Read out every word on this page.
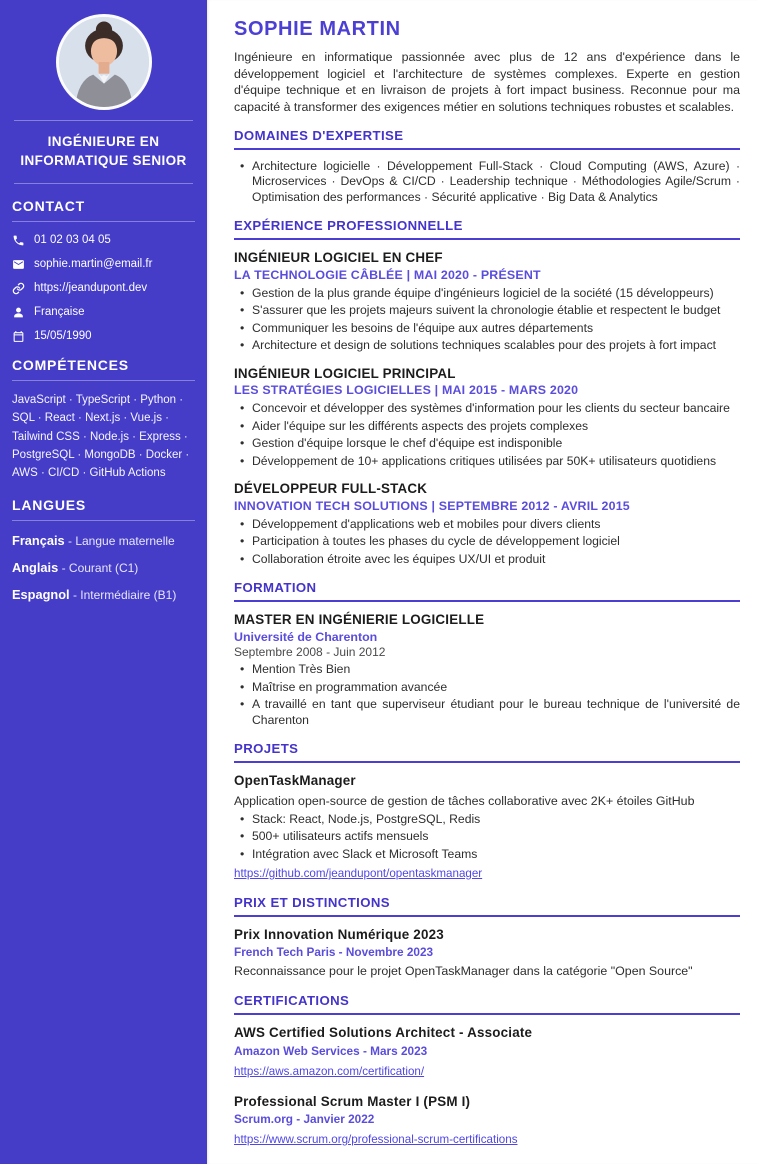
INGÉNIEURE EN INFORMATIQUE SENIOR
CONTACT
01 02 03 04 05
sophie.martin@email.fr
https://jeandupont.dev
Française
15/05/1990
COMPÉTENCES
JavaScript · TypeScript · Python · SQL · React · Next.js · Vue.js · Tailwind CSS · Node.js · Express · PostgreSQL · MongoDB · Docker · AWS · CI/CD · GitHub Actions
LANGUES
Français - Langue maternelle
Anglais - Courant (C1)
Espagnol - Intermédiaire (B1)
SOPHIE MARTIN

Ingénieure en informatique passionnée avec plus de 12 ans d'expérience dans le développement logiciel et l'architecture de systèmes complexes. Experte en gestion d'équipe technique et en livraison de projets à fort impact business. Reconnue pour ma capacité à transformer des exigences métier en solutions techniques robustes et scalables.

DOMAINES D'EXPERTISE
• Architecture logicielle · Développement Full-Stack · Cloud Computing (AWS, Azure) · Microservices · DevOps & CI/CD · Leadership technique · Méthodologies Agile/Scrum · Optimisation des performances · Sécurité applicative · Big Data & Analytics
EXPÉRIENCE PROFESSIONNELLE
INGÉNIEUR LOGICIEL EN CHEF
LA TECHNOLOGIE CÂBLÉE | MAI 2020 - PRÉSENT
• Gestion de la plus grande équipe d'ingénieurs logiciel de la société (15 développeurs)
• S'assurer que les projets majeurs suivent la chronologie établie et respectent le budget
• Communiquer les besoins de l'équipe aux autres départements
• Architecture et design de solutions techniques scalables pour des projets à fort impact
INGÉNIEUR LOGICIEL PRINCIPAL
LES STRATÉGIES LOGICIELLES | MAI 2015 - MARS 2020
• Concevoir et développer des systèmes d'information pour les clients du secteur bancaire
• Aider l'équipe sur les différents aspects des projets complexes
• Gestion d'équipe lorsque le chef d'équipe est indisponible
• Développement de 10+ applications critiques utilisées par 50K+ utilisateurs quotidiens
DÉVELOPPEUR FULL-STACK
INNOVATION TECH SOLUTIONS | SEPTEMBRE 2012 - AVRIL 2015
• Développement d'applications web et mobiles pour divers clients
• Participation à toutes les phases du cycle de développement logiciel
• Collaboration étroite avec les équipes UX/UI et produit
FORMATION
MASTER EN INGÉNIERIE LOGICIELLE
Université de Charenton
Septembre 2008 - Juin 2012
• Mention Très Bien
• Maîtrise en programmation avancée
• A travaillé en tant que superviseur étudiant pour le bureau technique de l'université de Charenton
PROJETS
OpenTaskManager
Application open-source de gestion de tâches collaborative avec 2K+ étoiles GitHub
• Stack: React, Node.js, PostgreSQL, Redis
• 500+ utilisateurs actifs mensuels
• Intégration avec Slack et Microsoft Teams
https://github.com/jeandupont/opentaskmanager
PRIX ET DISTINCTIONS
Prix Innovation Numérique 2023
French Tech Paris - Novembre 2023
Reconnaissance pour le projet OpenTaskManager dans la catégorie "Open Source"
CERTIFICATIONS
AWS Certified Solutions Architect - Associate
Amazon Web Services - Mars 2023
https://aws.amazon.com/certification/
Professional Scrum Master I (PSM I)
Scrum.org - Janvier 2022
https://www.scrum.org/professional-scrum-certifications
